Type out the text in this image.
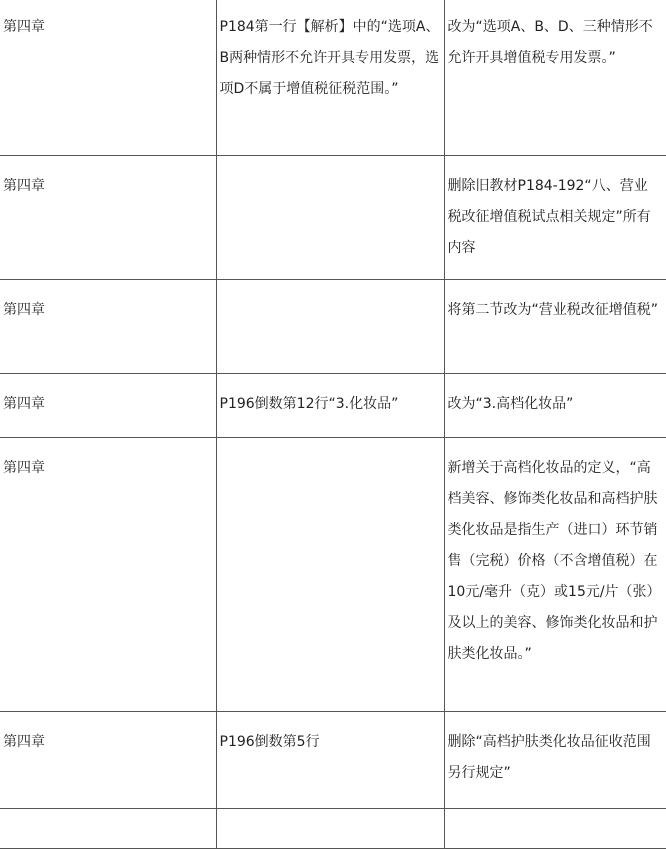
第四章	P184第一行【解析】中的“选项A、B两种情形不允许开具专用发票，选项D不属于增值税征税范围。”	改为“选项A、B、D、三种情形不允许开具增值税专用发票。”
第四章		删除旧教材P184-192“八、营业税改征增值税试点相关规定”所有内容
第四章		将第二节改为“营业税改征增值税”
第四章	P196倒数第12行“3.化妆品”	改为“3.高档化妆品”
第四章		新增关于高档化妆品的定义，“高档美容、修饰类化妆品和高档护肤类化妆品是指生产（进口）环节销售（完税）价格（不含增值税）在10元/毫升（克）或15元/片（张）及以上的美容、修饰类化妆品和护肤类化妆品。”
第四章	P196倒数第5行	删除“高档护肤类化妆品征收范围另行规定”
